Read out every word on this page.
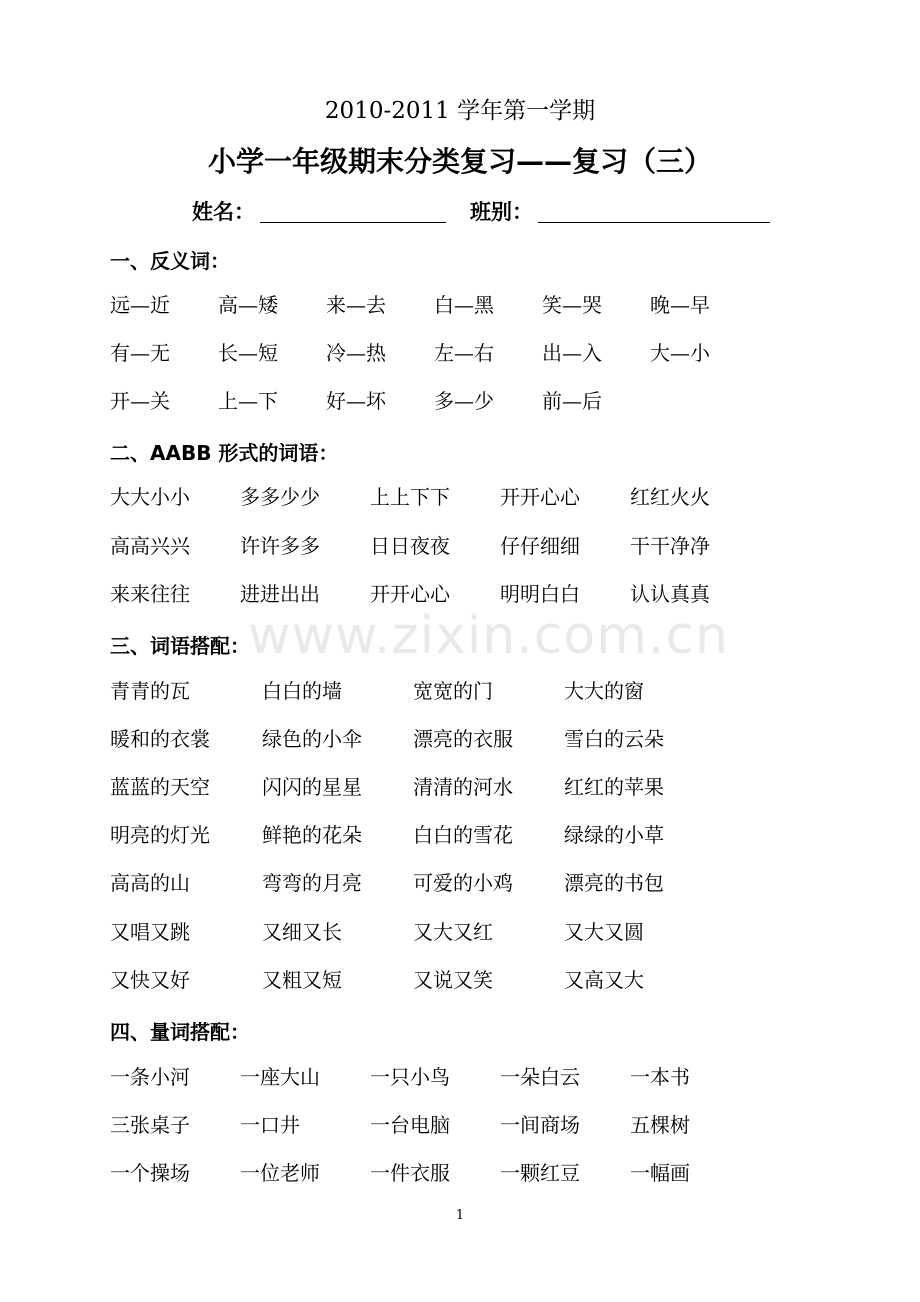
2010-2011 学年第一学期
小学一年级期末分类复习——复习（三）
姓名：	班别：
一、反义词：
远—近 高—矮 来—去 白—黑 笑—哭 晚—早
有—无 长—短 冷—热 左—右 出—入 大—小
开—关 上—下 好—坏 多—少 前—后
二、AABB 形式的词语：
大大小小	多多少少	上上下下	开开心心	红红火火
高高兴兴	许许多多	日日夜夜	仔仔细细	干干净净
来来往往	进进出出	开开心心	明明白白	认认真真
三、词语搭配：
青青的瓦	白白的墙	宽宽的门	大大的窗
暖和的衣裳	绿色的小伞	漂亮的衣服	雪白的云朵
蓝蓝的天空	闪闪的星星	清清的河水	红红的苹果
明亮的灯光	鲜艳的花朵	白白的雪花	绿绿的小草
高高的山	弯弯的月亮	可爱的小鸡	漂亮的书包
又唱又跳	又细又长	又大又红	又大又圆
又快又好	又粗又短	又说又笑	又高又大
四、量词搭配：
一条小河	一座大山	一只小鸟	一朵白云	一本书
三张桌子	一口井	一台电脑	一间商场	五棵树
一个操场	一位老师	一件衣服	一颗红豆	一幅画
www.zixin.com.cn
1
